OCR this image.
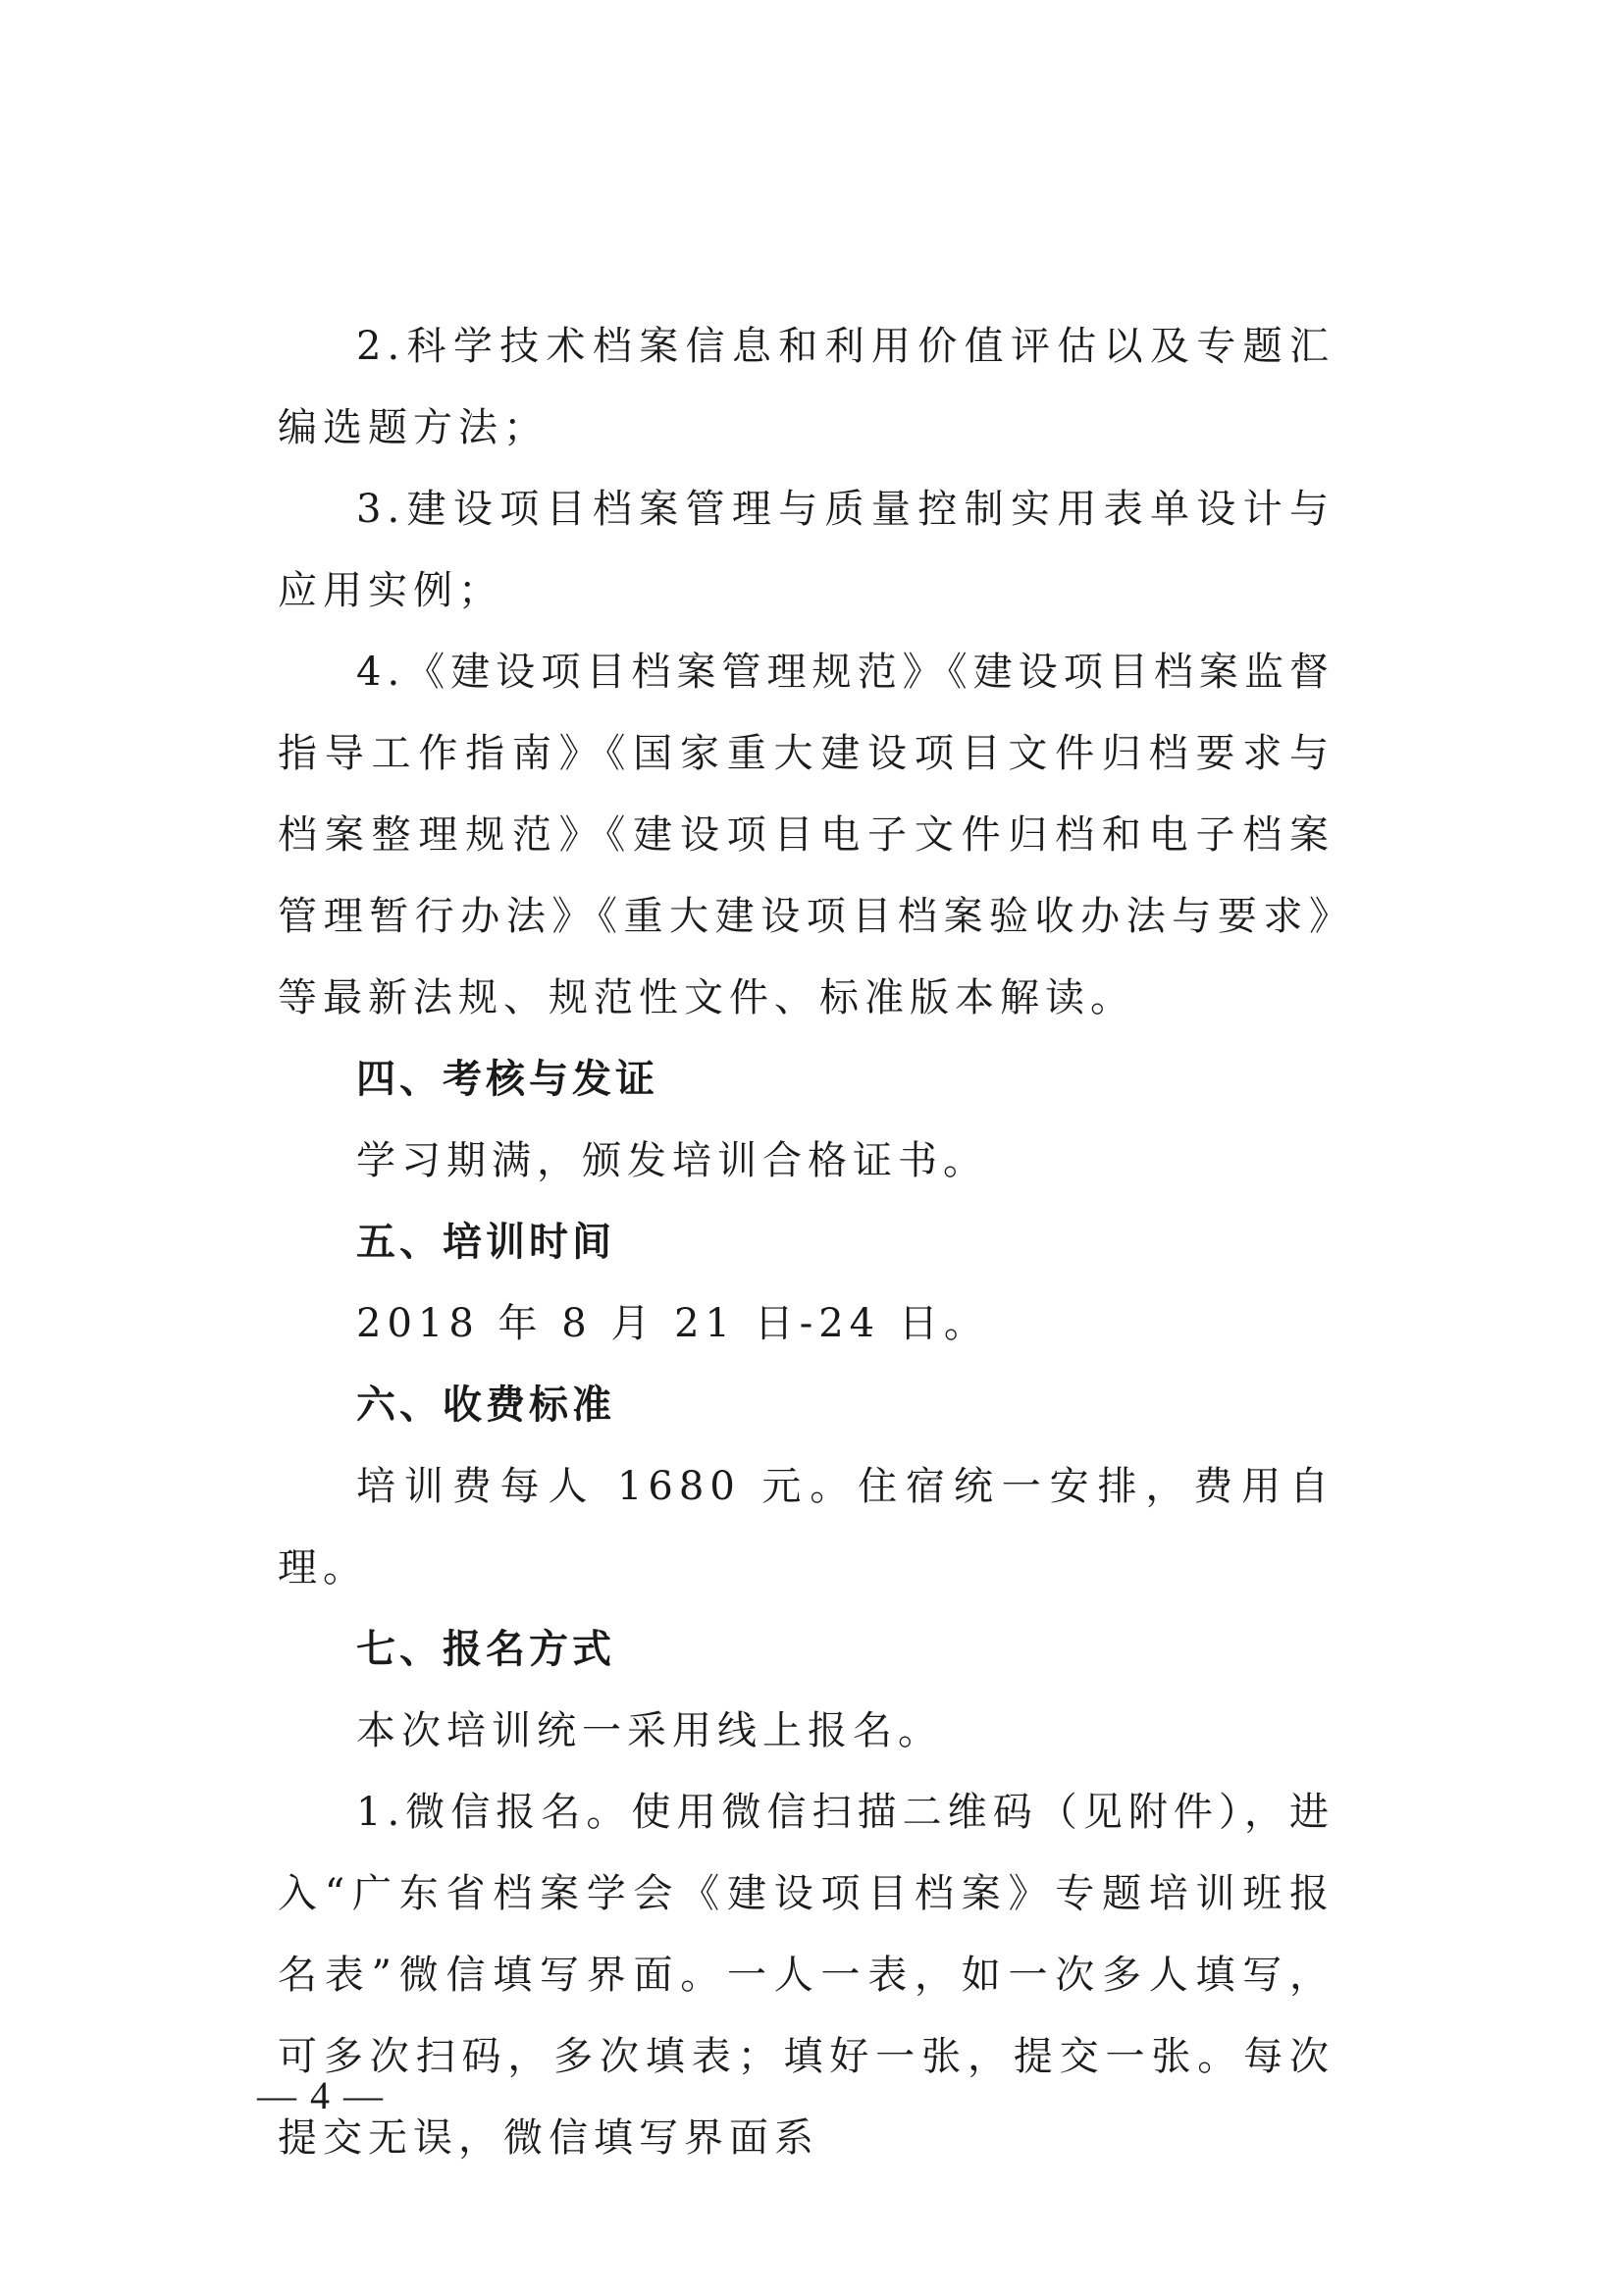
2.科学技术档案信息和利用价值评估以及专题汇编选题方法；

3.建设项目档案管理与质量控制实用表单设计与应用实例；

4.《建设项目档案管理规范》《建设项目档案监督指导工作指南》《国家重大建设项目文件归档要求与档案整理规范》《建设项目电子文件归档和电子档案管理暂行办法》《重大建设项目档案验收办法与要求》等最新法规、规范性文件、标准版本解读。

四、考核与发证

学习期满，颁发培训合格证书。

五、培训时间

2018 年 8 月 21 日-24 日。

六、收费标准

培训费每人 1680 元。住宿统一安排，费用自理。

七、报名方式

本次培训统一采用线上报名。

1.微信报名。使用微信扫描二维码（见附件），进入“广东省档案学会《建设项目档案》专题培训班报名表”微信填写界面。一人一表，如一次多人填写，可多次扫码，多次填表；填好一张，提交一张。每次提交无误，微信填写界面系

— 4 —
